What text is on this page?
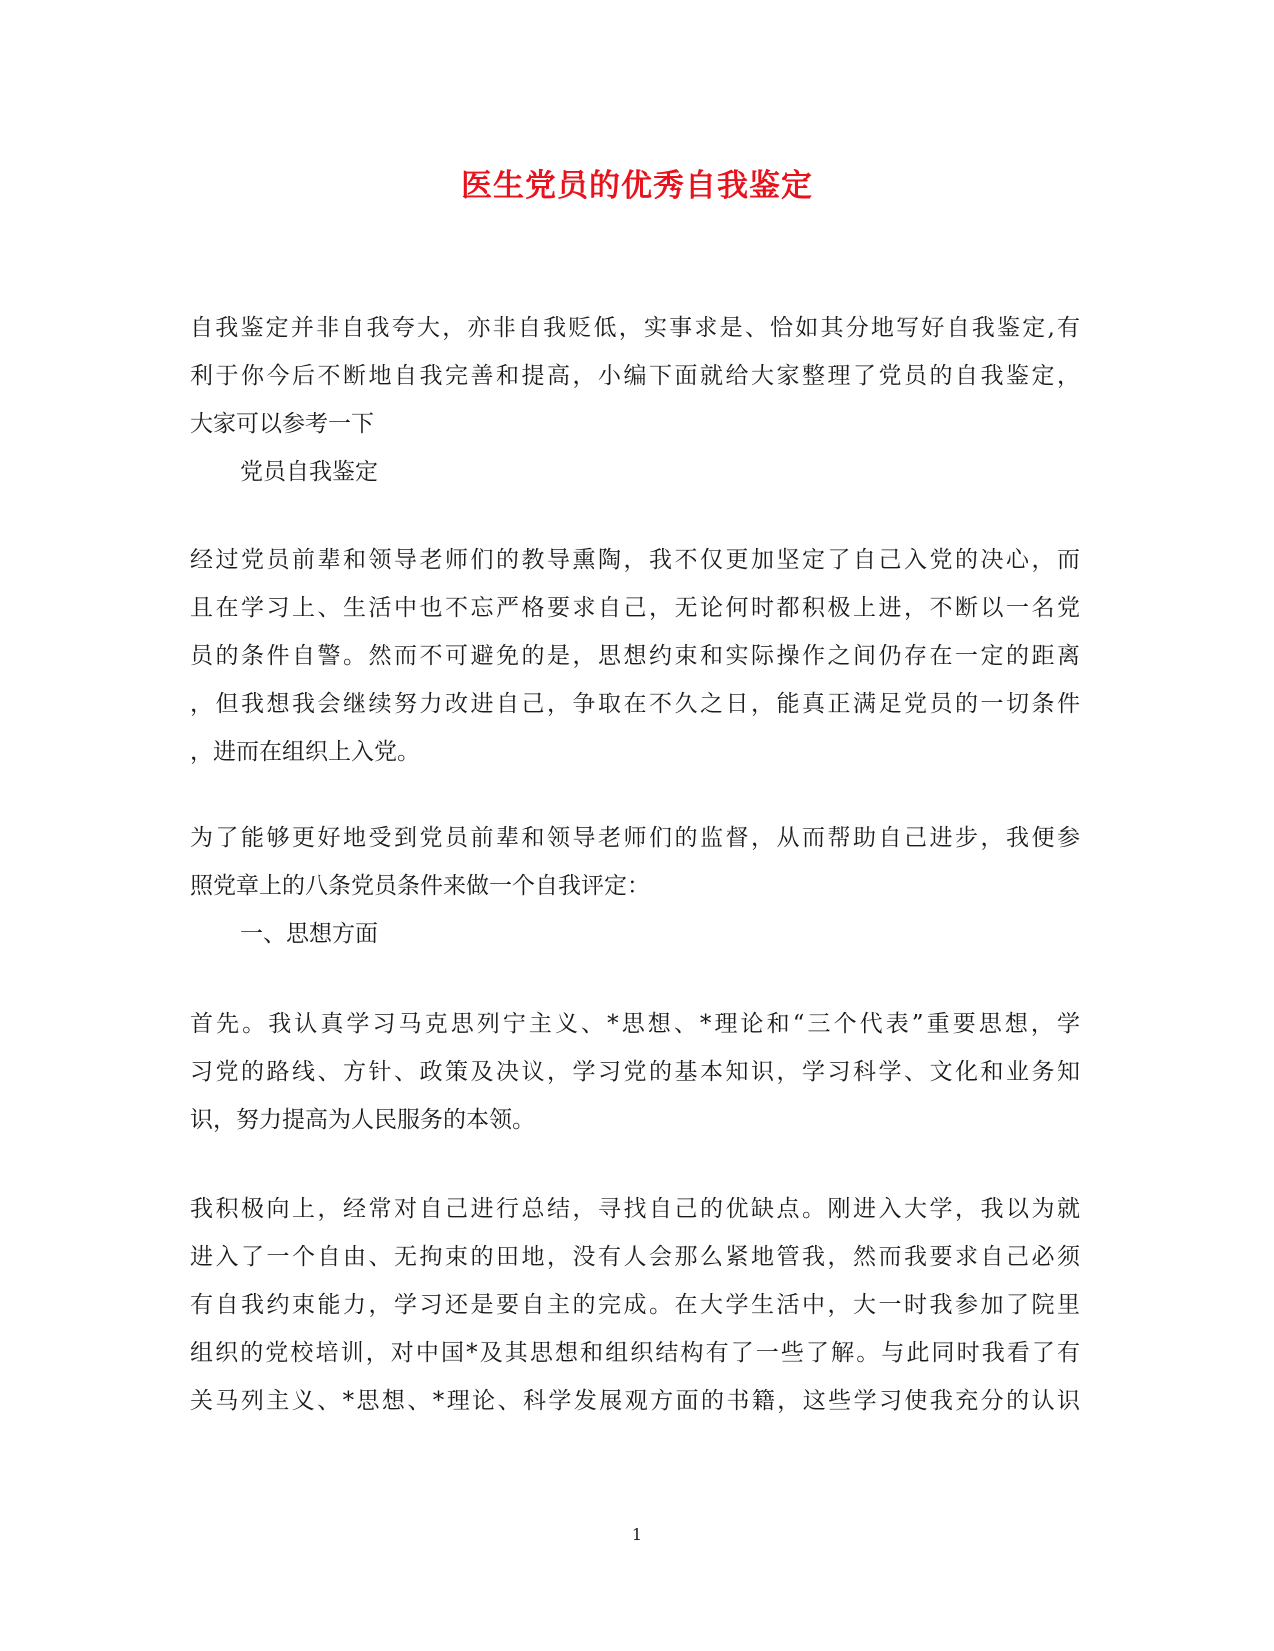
医生党员的优秀自我鉴定
自我鉴定并非自我夸大，亦非自我贬低，实事求是、恰如其分地写好自我鉴定,有
利于你今后不断地自我完善和提高，小编下面就给大家整理了党员的自我鉴定，
大家可以参考一下
党员自我鉴定
经过党员前辈和领导老师们的教导熏陶，我不仅更加坚定了自己入党的决心，而
且在学习上、生活中也不忘严格要求自己，无论何时都积极上进，不断以一名党
员的条件自警。然而不可避免的是，思想约束和实际操作之间仍存在一定的距离
，但我想我会继续努力改进自己，争取在不久之日，能真正满足党员的一切条件
，进而在组织上入党。
为了能够更好地受到党员前辈和领导老师们的监督，从而帮助自己进步，我便参
照党章上的八条党员条件来做一个自我评定：
一、思想方面
首先。我认真学习马克思列宁主义、*思想、*理论和“三个代表”重要思想，学
习党的路线、方针、政策及决议，学习党的基本知识，学习科学、文化和业务知
识，努力提高为人民服务的本领。
我积极向上，经常对自己进行总结，寻找自己的优缺点。刚进入大学，我以为就
进入了一个自由、无拘束的田地，没有人会那么紧地管我，然而我要求自己必须
有自我约束能力，学习还是要自主的完成。在大学生活中，大一时我参加了院里
组织的党校培训，对中国*及其思想和组织结构有了一些了解。与此同时我看了有
关马列主义、*思想、*理论、科学发展观方面的书籍，这些学习使我充分的认识
1
